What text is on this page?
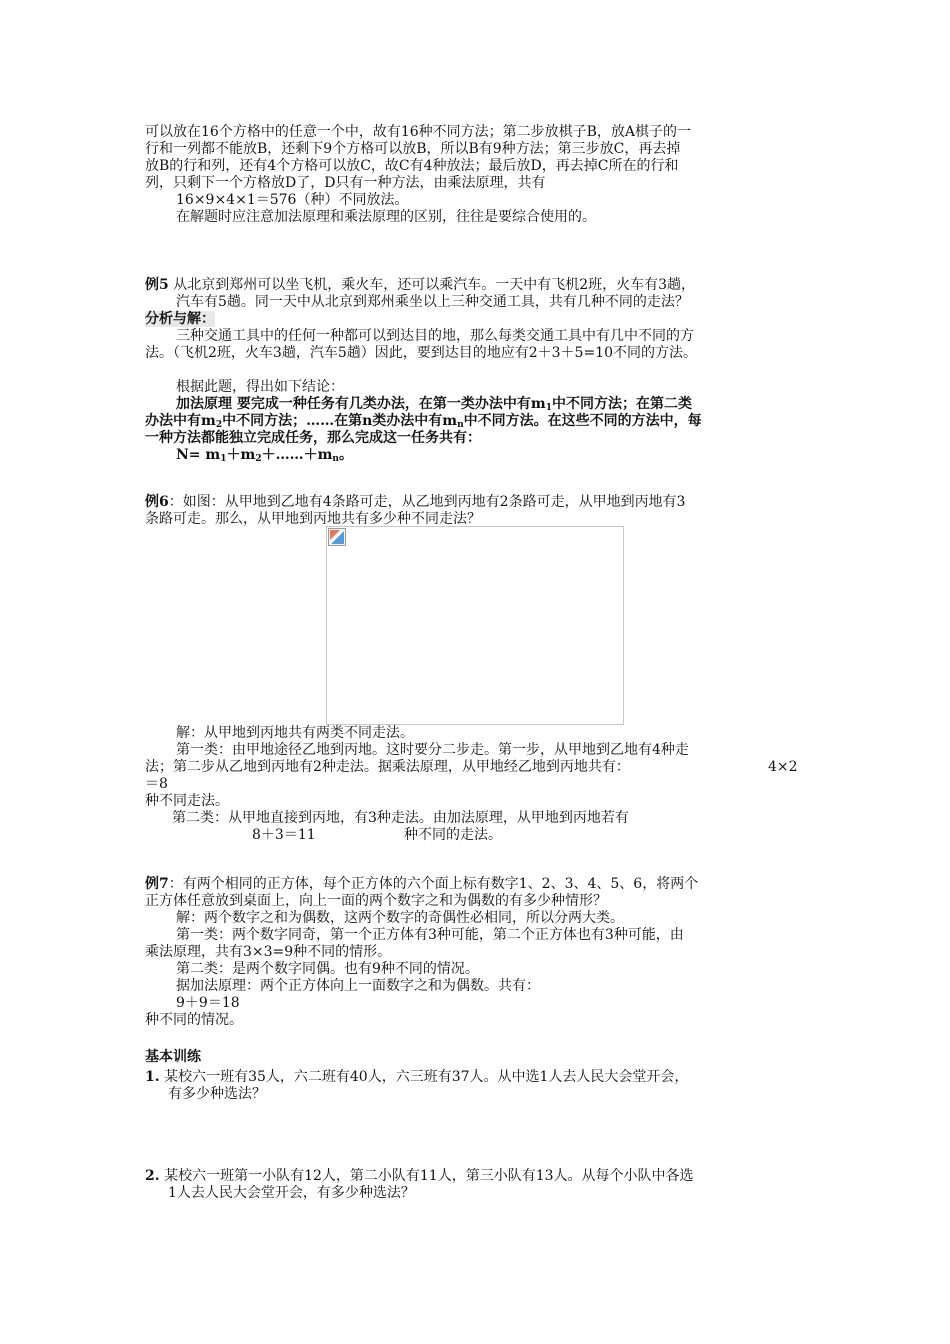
可以放在16个方格中的任意一个中，故有16种不同方法；第二步放棋子B，放A棋子的一
行和一列都不能放B，还剩下9个方格可以放B，所以B有9种方法；第三步放C，再去掉
放B的行和列，还有4个方格可以放C，故C有4种放法；最后放D，再去掉C所在的行和
列，只剩下一个方格放D了，D只有一种方法，由乘法原理，共有
16×9×4×1＝576（种）不同放法。
在解题时应注意加法原理和乘法原理的区别，往往是要综合使用的。
例5 从北京到郑州可以坐飞机，乘火车，还可以乘汽车。一天中有飞机2班，火车有3趟，
汽车有5趟。同一天中从北京到郑州乘坐以上三种交通工具，共有几种不同的走法？
分析与解：
三种交通工具中的任何一种都可以到达目的地，那么每类交通工具中有几中不同的方
法。（飞机2班，火车3趟，汽车5趟）因此，要到达目的地应有2＋3＋5=10不同的方法。
根据此题，得出如下结论：
加法原理 要完成一种任务有几类办法，在第一类办法中有$m_1$中不同方法；在第二类
办法中有$m_2$中不同方法；……在第n类办法中有$m_n$中不同方法。在这些不同的方法中，每
一种方法都能独立完成任务，那么完成这一任务共有：
$N= m_1+m_2+\dots\dots+m_n$。
例6：如图：从甲地到乙地有4条路可走，从乙地到丙地有2条路可走，从甲地到丙地有3
条路可走。那么，从甲地到丙地共有多少种不同走法？
解：从甲地到丙地共有两类不同走法。
第一类：由甲地途径乙地到丙地。这时要分二步走。第一步，从甲地到乙地有4种走
法；第二步从乙地到丙地有2种走法。据乘法原理，从甲地经乙地到丙地共有：	4×2
＝8
种不同走法。
第二类：从甲地直接到丙地，有3种走法。由加法原理，从甲地到丙地若有
8＋3＝11	种不同的走法。
例7：有两个相同的正方体，每个正方体的六个面上标有数字1、2、3、4、5、6，将两个
正方体任意放到桌面上，向上一面的两个数字之和为偶数的有多少种情形？
解：两个数字之和为偶数，这两个数字的奇偶性必相同，所以分两大类。
第一类：两个数字同奇，第一个正方体有3种可能，第二个正方体也有3种可能，由
乘法原理，共有3×3=9种不同的情形。
第二类：是两个数字同偶。也有9种不同的情况。
据加法原理：两个正方体向上一面数字之和为偶数。共有：
9＋9＝18
种不同的情况。
基本训练
1. 某校六一班有35人，六二班有40人，六三班有37人。从中选1人去人民大会堂开会，
有多少种选法？
2. 某校六一班第一小队有12人，第二小队有11人，第三小队有13人。从每个小队中各选
1人去人民大会堂开会，有多少种选法？
